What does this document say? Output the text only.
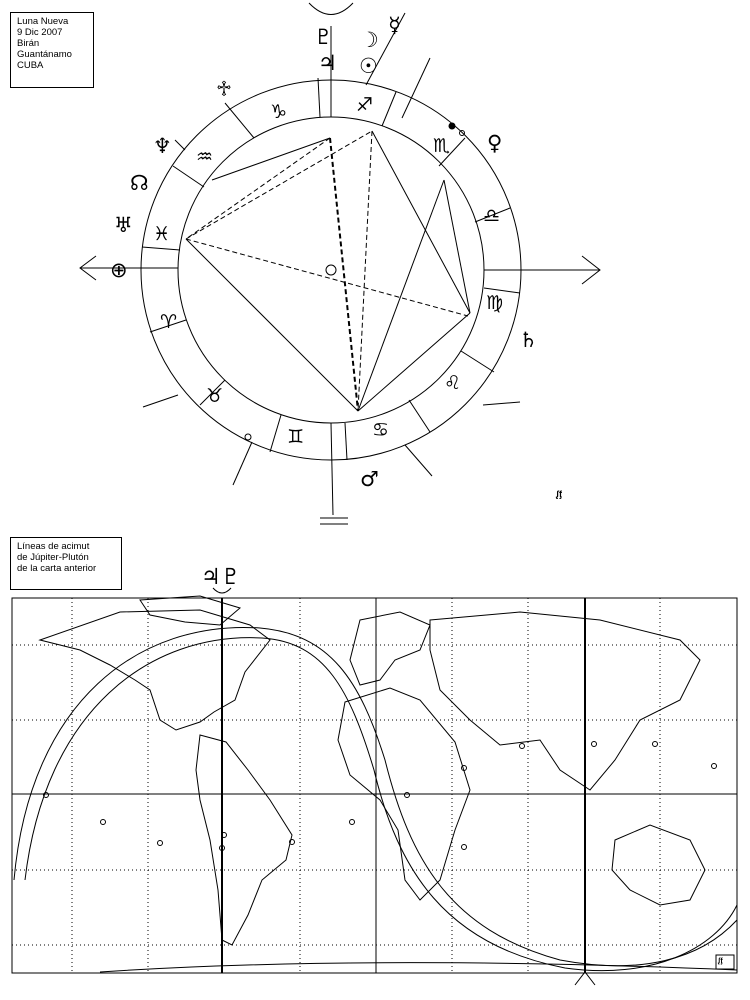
Luna Nueva
9 Dic 2007
Birán
Guantánamo
CUBA
Líneas de acimut
de Júpiter-Plutón
de la carta anterior
♑
♒
♓
♈
♉
♊	♋
♌
♍
♎
♏
♐
♇
♃
☽
☉
☿
♀
♄
♂
♅
♆
☊
⊕
♱
♃♇
ᶘᶂ
ᶘᶂ
